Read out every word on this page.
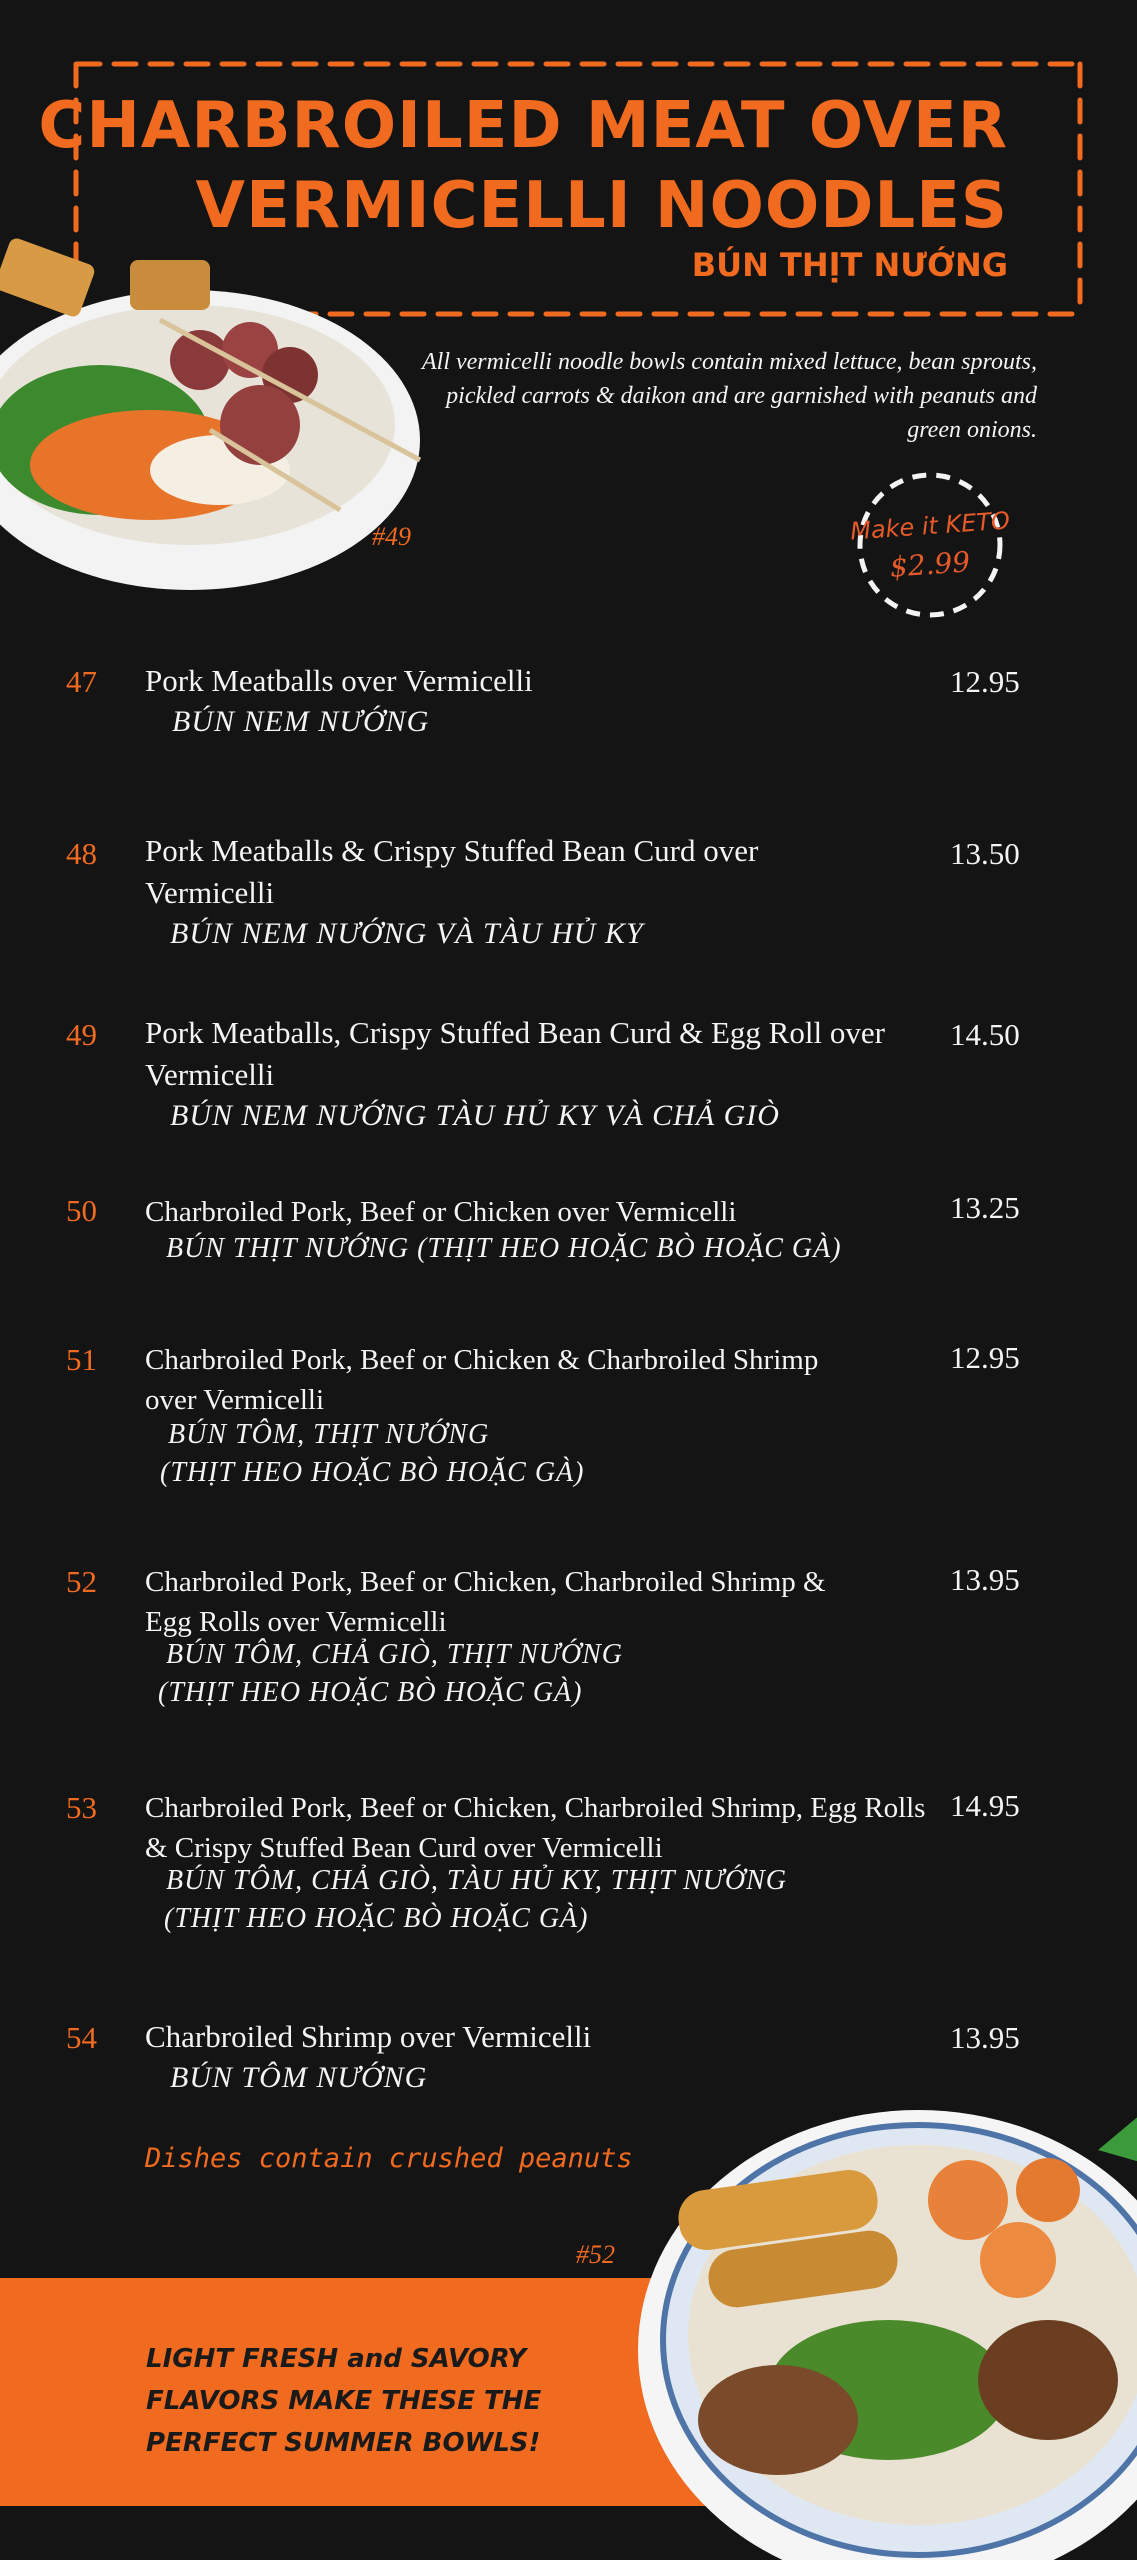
CHARBROILED MEAT OVER
VERMICELLI NOODLES
BÚN THỊT NƯỚNG
#49
All vermicelli noodle bowls contain mixed lettuce, bean sprouts, pickled carrots & daikon and are garnished with peanuts and green onions.
Make it KETO
$2.99
47 Pork Meatballs over Vermicelli
BÚN NEM NƯỚNG
12.95
48 Pork Meatballs & Crispy Stuffed Bean Curd over Vermicelli
BÚN NEM NƯỚNG VÀ TÀU HỦ KY
13.50
49 Pork Meatballs, Crispy Stuffed Bean Curd & Egg Roll over Vermicelli
BÚN NEM NƯỚNG TÀU HỦ KY VÀ CHẢ GIÒ
14.50
50 Charbroiled Pork, Beef or Chicken over Vermicelli
BÚN THỊT NƯỚNG (THỊT HEO HOẶC BÒ HOẶC GÀ)
13.25
51 Charbroiled Pork, Beef or Chicken & Charbroiled Shrimp over Vermicelli
BÚN TÔM, THỊT NƯỚNG
(THỊT HEO HOẶC BÒ HOẶC GÀ)
12.95
52 Charbroiled Pork, Beef or Chicken, Charbroiled Shrimp & Egg Rolls over Vermicelli
BÚN TÔM, CHẢ GIÒ, THỊT NƯỚNG
(THỊT HEO HOẶC BÒ HOẶC GÀ)
13.95
53 Charbroiled Pork, Beef or Chicken, Charbroiled Shrimp, Egg Rolls & Crispy Stuffed Bean Curd over Vermicelli
BÚN TÔM, CHẢ GIÒ, TÀU HỦ KY, THỊT NƯỚNG
(THỊT HEO HOẶC BÒ HOẶC GÀ)
14.95
54 Charbroiled Shrimp over Vermicelli
BÚN TÔM NƯỚNG
13.95
Dishes contain crushed peanuts
LIGHT FRESH and SAVORY
FLAVORS MAKE THESE THE
PERFECT SUMMER BOWLS!
#52
